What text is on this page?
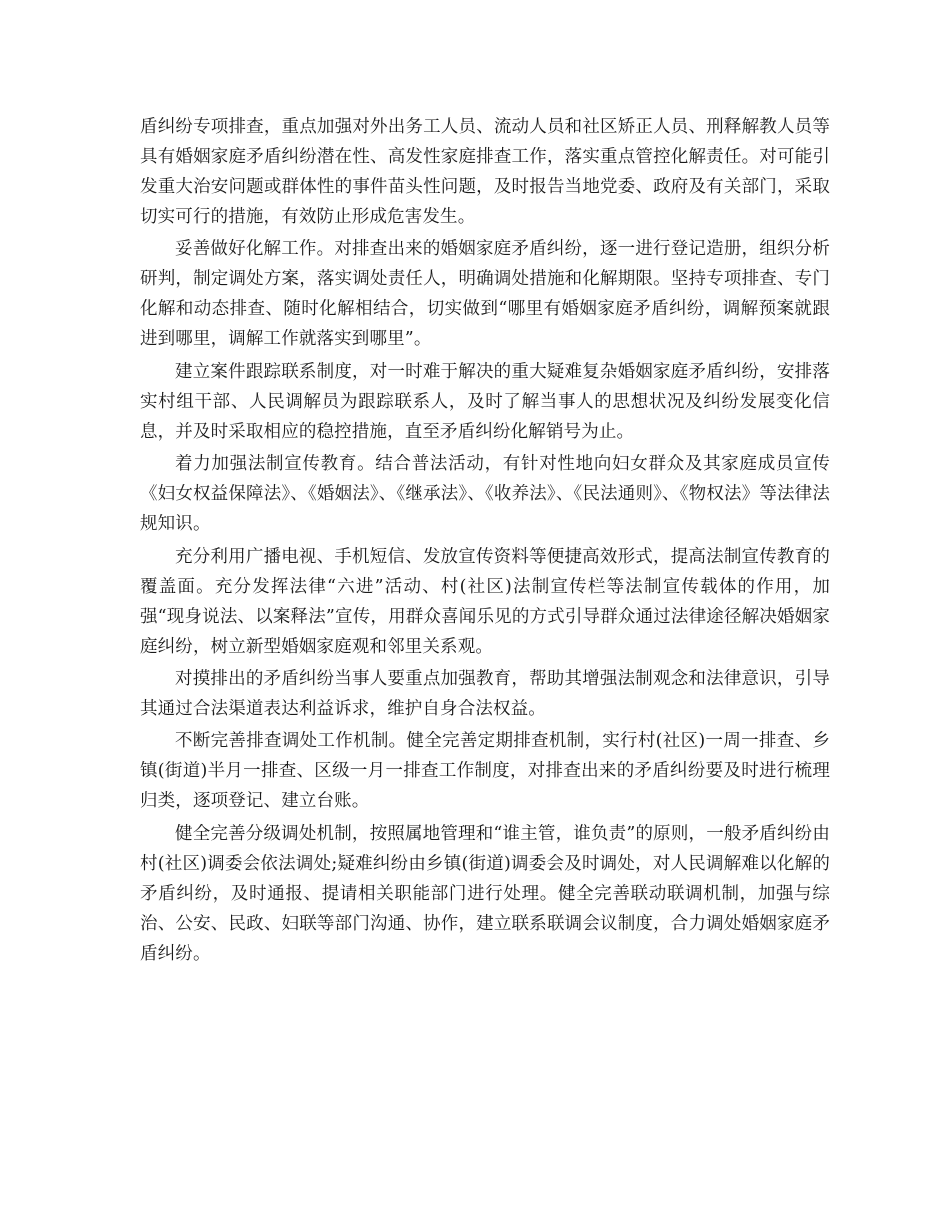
盾纠纷专项排查，重点加强对外出务工人员、流动人员和社区矫正人员、刑释解教人员等具有婚姻家庭矛盾纠纷潜在性、高发性家庭排查工作，落实重点管控化解责任。对可能引发重大治安问题或群体性的事件苗头性问题，及时报告当地党委、政府及有关部门，采取切实可行的措施，有效防止形成危害发生。

妥善做好化解工作。对排查出来的婚姻家庭矛盾纠纷，逐一进行登记造册，组织分析研判，制定调处方案，落实调处责任人，明确调处措施和化解期限。坚持专项排查、专门化解和动态排查、随时化解相结合，切实做到“哪里有婚姻家庭矛盾纠纷，调解预案就跟进到哪里，调解工作就落实到哪里”。

建立案件跟踪联系制度，对一时难于解决的重大疑难复杂婚姻家庭矛盾纠纷，安排落实村组干部、人民调解员为跟踪联系人，及时了解当事人的思想状况及纠纷发展变化信息，并及时采取相应的稳控措施，直至矛盾纠纷化解销号为止。

着力加强法制宣传教育。结合普法活动，有针对性地向妇女群众及其家庭成员宣传《妇女权益保障法》、《婚姻法》、《继承法》、《收养法》、《民法通则》、《物权法》等法律法规知识。

充分利用广播电视、手机短信、发放宣传资料等便捷高效形式，提高法制宣传教育的覆盖面。充分发挥法律“六进”活动、村(社区)法制宣传栏等法制宣传载体的作用，加强“现身说法、以案释法”宣传，用群众喜闻乐见的方式引导群众通过法律途径解决婚姻家庭纠纷，树立新型婚姻家庭观和邻里关系观。

对摸排出的矛盾纠纷当事人要重点加强教育，帮助其增强法制观念和法律意识，引导其通过合法渠道表达利益诉求，维护自身合法权益。

不断完善排查调处工作机制。健全完善定期排查机制，实行村(社区)一周一排查、乡镇(街道)半月一排查、区级一月一排查工作制度，对排查出来的矛盾纠纷要及时进行梳理归类，逐项登记、建立台账。

健全完善分级调处机制，按照属地管理和“谁主管，谁负责”的原则，一般矛盾纠纷由村(社区)调委会依法调处;疑难纠纷由乡镇(街道)调委会及时调处，对人民调解难以化解的矛盾纠纷，及时通报、提请相关职能部门进行处理。健全完善联动联调机制，加强与综治、公安、民政、妇联等部门沟通、协作，建立联系联调会议制度，合力调处婚姻家庭矛盾纠纷。
